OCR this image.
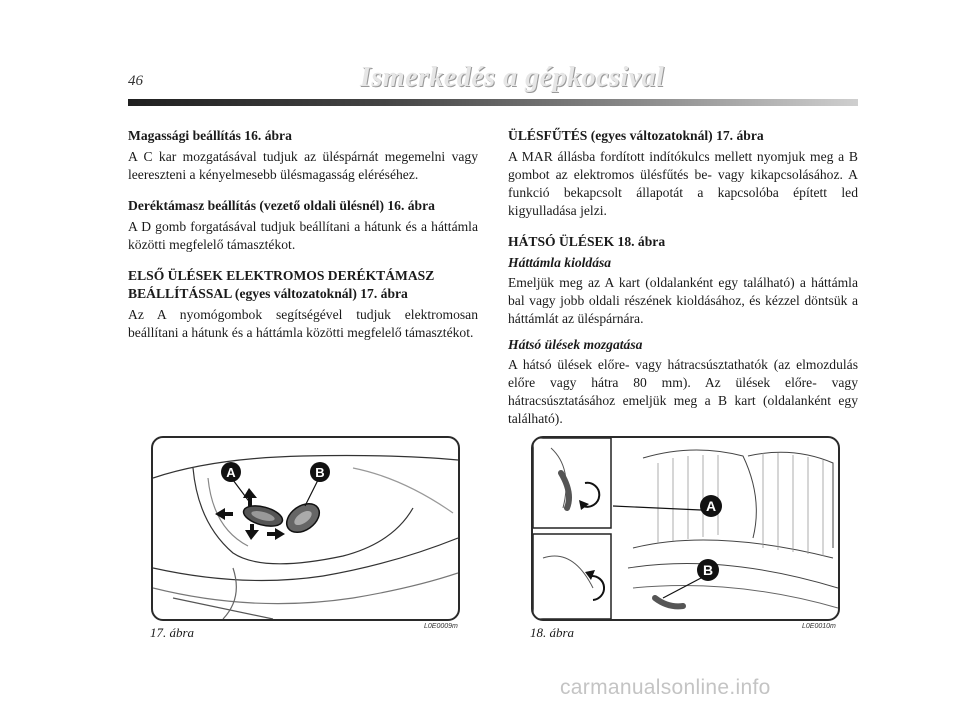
46	Ismerkedés a gépkocsival
Magassági beállítás 16. ábra

A C kar mozgatásával tudjuk az üléspárnát megemelni vagy leereszteni a kényelmesebb ülésmagasság eléréséhez.

Deréktámasz beállítás (vezető oldali ülésnél) 16. ábra

A D gomb forgatásával tudjuk beállítani a hátunk és a háttámla közötti megfelelő támasztékot.

ELSŐ ÜLÉSEK ELEKTROMOS DERÉKTÁMASZ
BEÁLLÍTÁSSAL (egyes változatoknál) 17. ábra

Az A nyomógombok segítségével tudjuk elektromosan beállítani a hátunk és a háttámla közötti megfelelő támasztékot.

ÜLÉSFŰTÉS (egyes változatoknál) 17. ábra

A MAR állásba fordított indítókulcs mellett nyomjuk meg a B gombot az elektromos ülésfűtés be- vagy kikapcsolásához. A funkció bekapcsolt állapotát a kapcsolóba épített led kigyulladása jelzi.

HÁTSÓ ÜLÉSEK 18. ábra
Háttámla kioldása

Emeljük meg az A kart (oldalanként egy található) a háttámla bal vagy jobb oldali részének kioldásához, és kézzel döntsük a háttámlát az üléspárnára.

Hátsó ülések mozgatása

A hátsó ülések előre- vagy hátracsúsztathatók (az elmozdulás előre vagy hátra 80 mm). Az ülések előre- vagy hátracsúsztatásához emeljük meg a B kart (oldalanként egy található).

A	B
17. ábra	L0E0009m
A
B
18. ábra	L0E0010m
carmanualsonline.info
